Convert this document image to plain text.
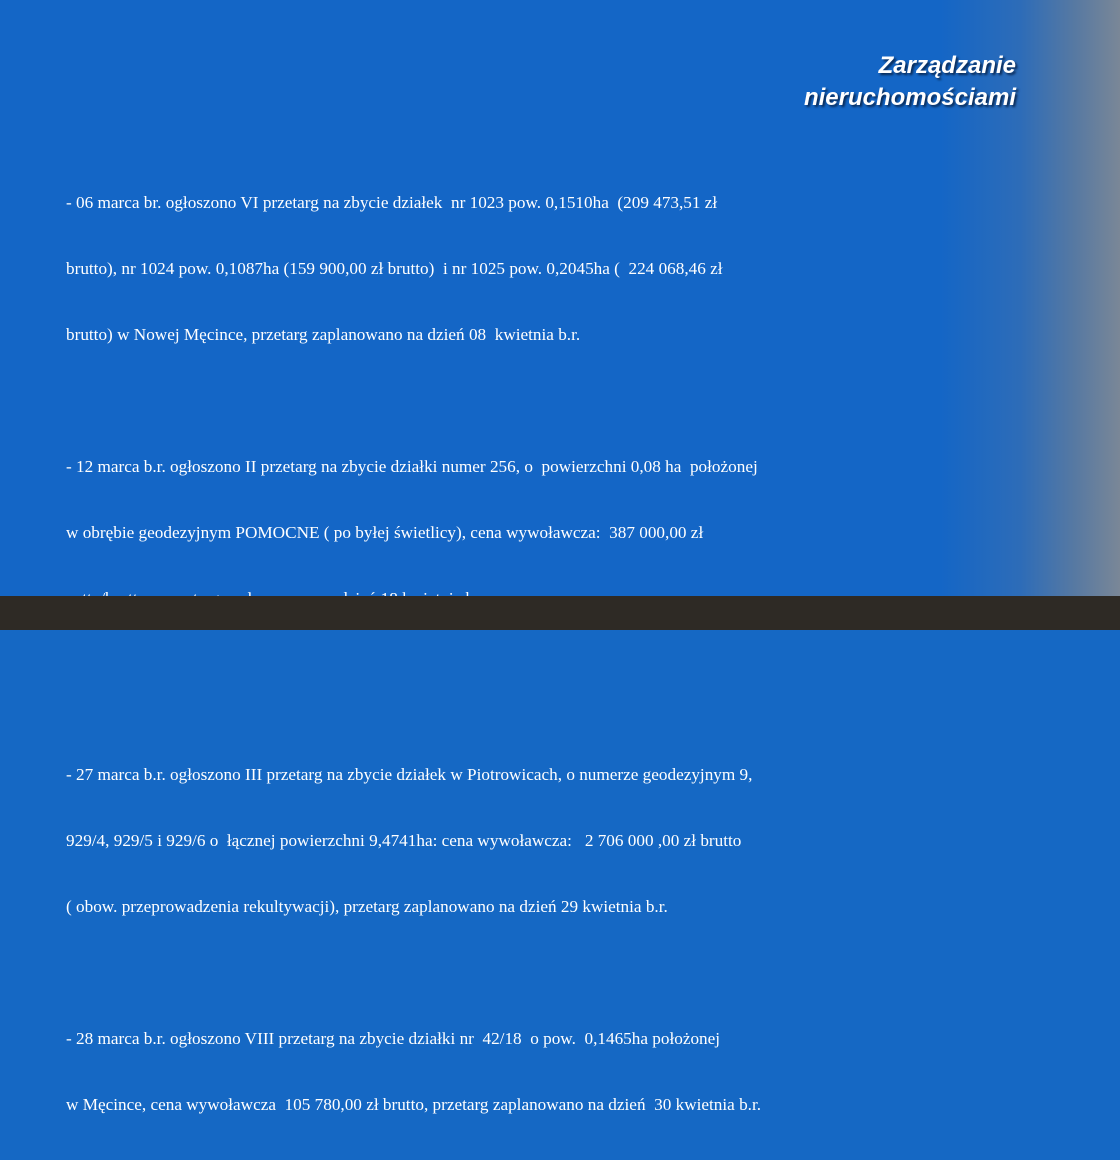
Zarządzanie
nieruchomościami

- 06 marca br. ogłoszono VI przetarg na zbycie działek  nr 1023 pow. 0,1510ha  (209 473,51 zł

brutto), nr 1024 pow. 0,1087ha (159 900,00 zł brutto)  i nr 1025 pow. 0,2045ha (  224 068,46 zł

brutto) w Nowej Męcince, przetarg zaplanowano na dzień 08  kwietnia b.r.

- 12 marca b.r. ogłoszono II przetarg na zbycie działki numer 256, o  powierzchni 0,08 ha  położonej

w obrębie geodezyjnym POMOCNE ( po byłej świetlicy), cena wywoławcza:  387 000,00 zł

- 27 marca b.r. ogłoszono III przetarg na zbycie działek w Piotrowicach, o numerze geodezyjnym 9,

929/4, 929/5 i 929/6 o  łącznej powierzchni 9,4741ha: cena wywoławcza:   2 706 000 ,00 zł brutto

( obow. przeprowadzenia rekultywacji), przetarg zaplanowano na dzień 29 kwietnia b.r.

- 28 marca b.r. ogłoszono VIII przetarg na zbycie działki nr  42/18  o pow.  0,1465ha położonej

w Męcince, cena wywoławcza  105 780,00 zł brutto, przetarg zaplanowano na dzień  30 kwietnia b.r.
